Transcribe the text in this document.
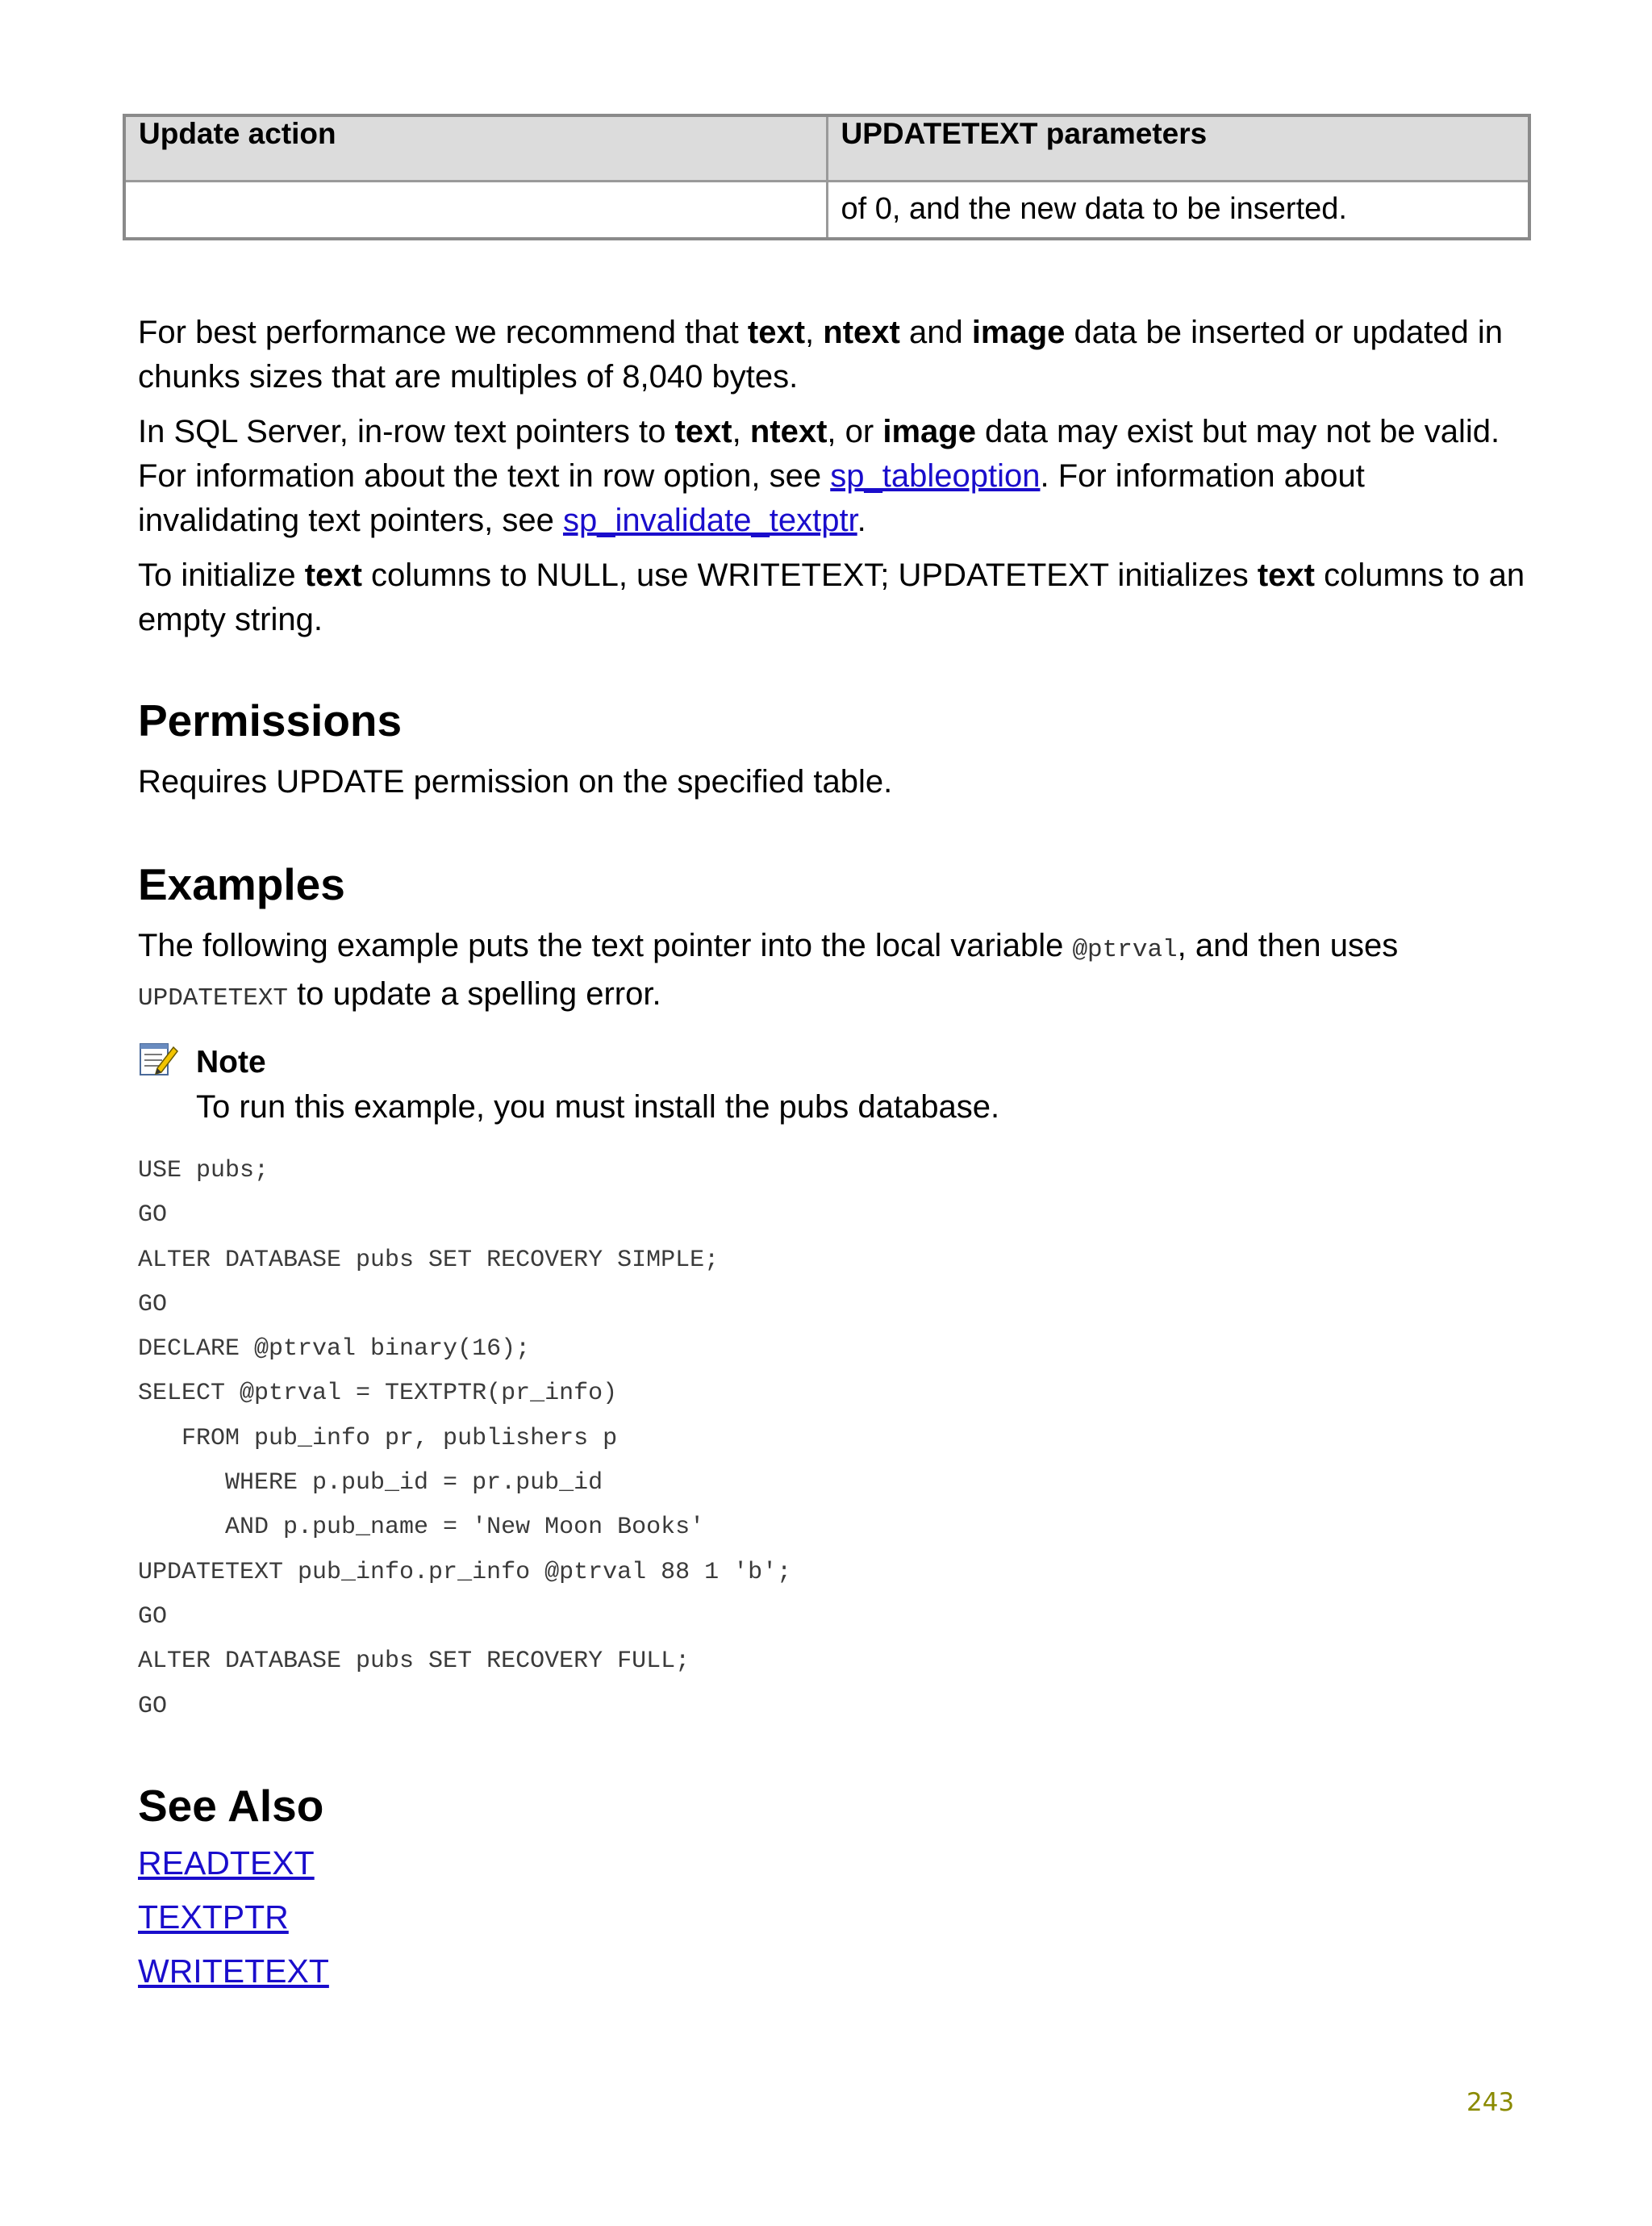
Update action	UPDATETEXT parameters
	of 0, and the new data to be inserted.

For best performance we recommend that text, ntext and image data be inserted or updated in chunks sizes that are multiples of 8,040 bytes.

In SQL Server, in-row text pointers to text, ntext, or image data may exist but may not be valid. For information about the text in row option, see sp_tableoption. For information about invalidating text pointers, see sp_invalidate_textptr.

To initialize text columns to NULL, use WRITETEXT; UPDATETEXT initializes text columns to an empty string.

Permissions

Requires UPDATE permission on the specified table.

Examples

The following example puts the text pointer into the local variable @ptrval, and then uses
UPDATETEXT to update a spelling error.

Note
To run this example, you must install the pubs database.
USE pubs;
GO
ALTER DATABASE pubs SET RECOVERY SIMPLE;
GO
DECLARE @ptrval binary(16);
SELECT @ptrval = TEXTPTR(pr_info)
FROM pub_info pr, publishers p
WHERE p.pub_id = pr.pub_id
AND p.pub_name = 'New Moon Books'
UPDATETEXT pub_info.pr_info @ptrval 88 1 'b';
GO
ALTER DATABASE pubs SET RECOVERY FULL;
GO
See Also
READTEXT
TEXTPTR
WRITETEXT
243
